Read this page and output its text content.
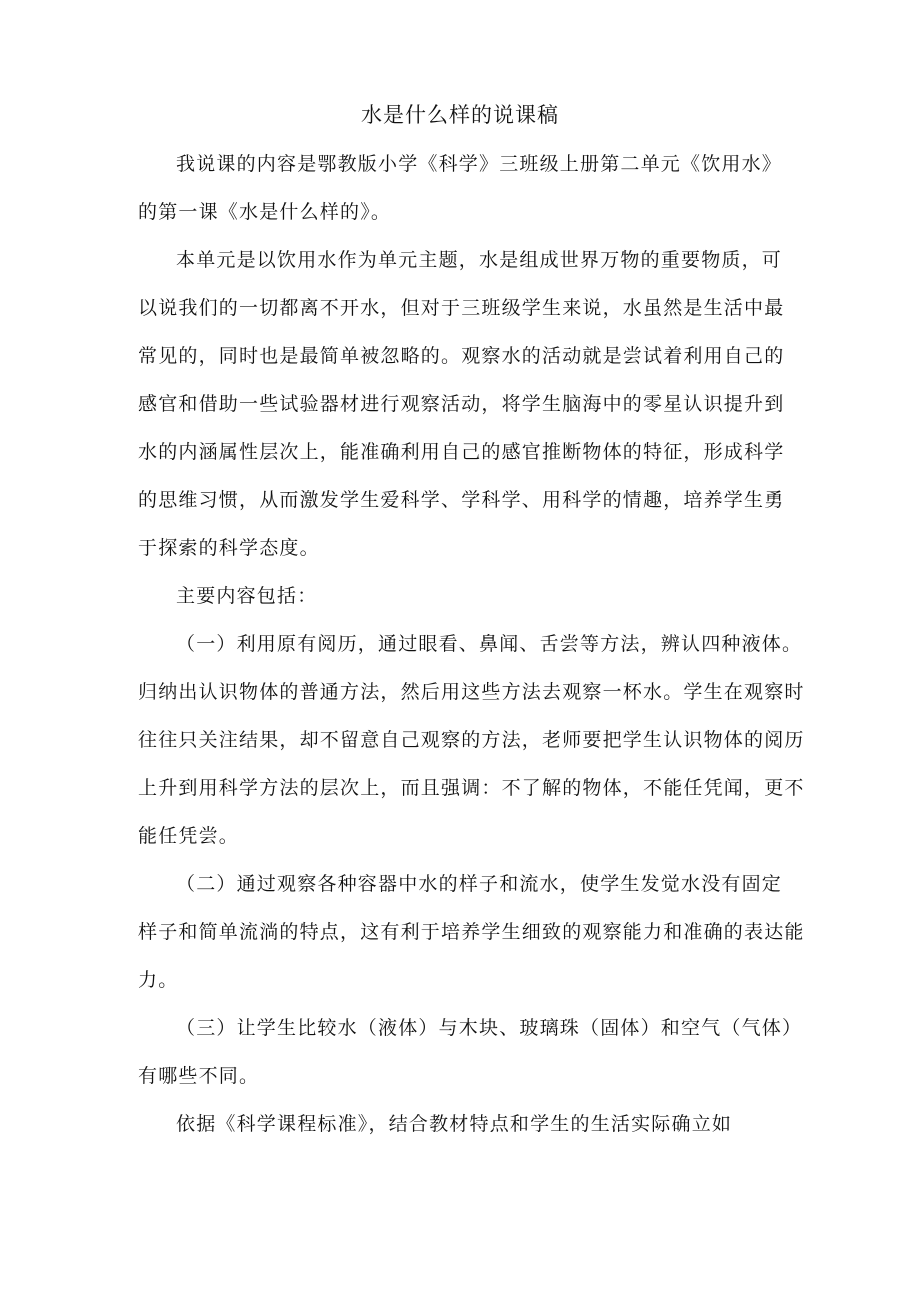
水是什么样的说课稿
我说课的内容是鄂教版小学《科学》三班级上册第二单元《饮用水》
的第一课《水是什么样的》。
本单元是以饮用水作为单元主题，水是组成世界万物的重要物质，可
以说我们的一切都离不开水，但对于三班级学生来说，水虽然是生活中最
常见的，同时也是最简单被忽略的。观察水的活动就是尝试着利用自己的
感官和借助一些试验器材进行观察活动，将学生脑海中的零星认识提升到
水的内涵属性层次上，能准确利用自己的感官推断物体的特征，形成科学
的思维习惯，从而激发学生爱科学、学科学、用科学的情趣，培养学生勇
于探索的科学态度。
主要内容包括：
（一）利用原有阅历，通过眼看、鼻闻、舌尝等方法，辨认四种液体。
归纳出认识物体的普通方法，然后用这些方法去观察一杯水。学生在观察时
往往只关注结果，却不留意自己观察的方法，老师要把学生认识物体的阅历
上升到用科学方法的层次上，而且强调：不了解的物体，不能任凭闻，更不
能任凭尝。
（二）通过观察各种容器中水的样子和流水，使学生发觉水没有固定
样子和简单流淌的特点，这有利于培养学生细致的观察能力和准确的表达能
力。
（三）让学生比较水（液体）与木块、玻璃珠（固体）和空气（气体）
有哪些不同。
依据《科学课程标准》，结合教材特点和学生的生活实际确立如
